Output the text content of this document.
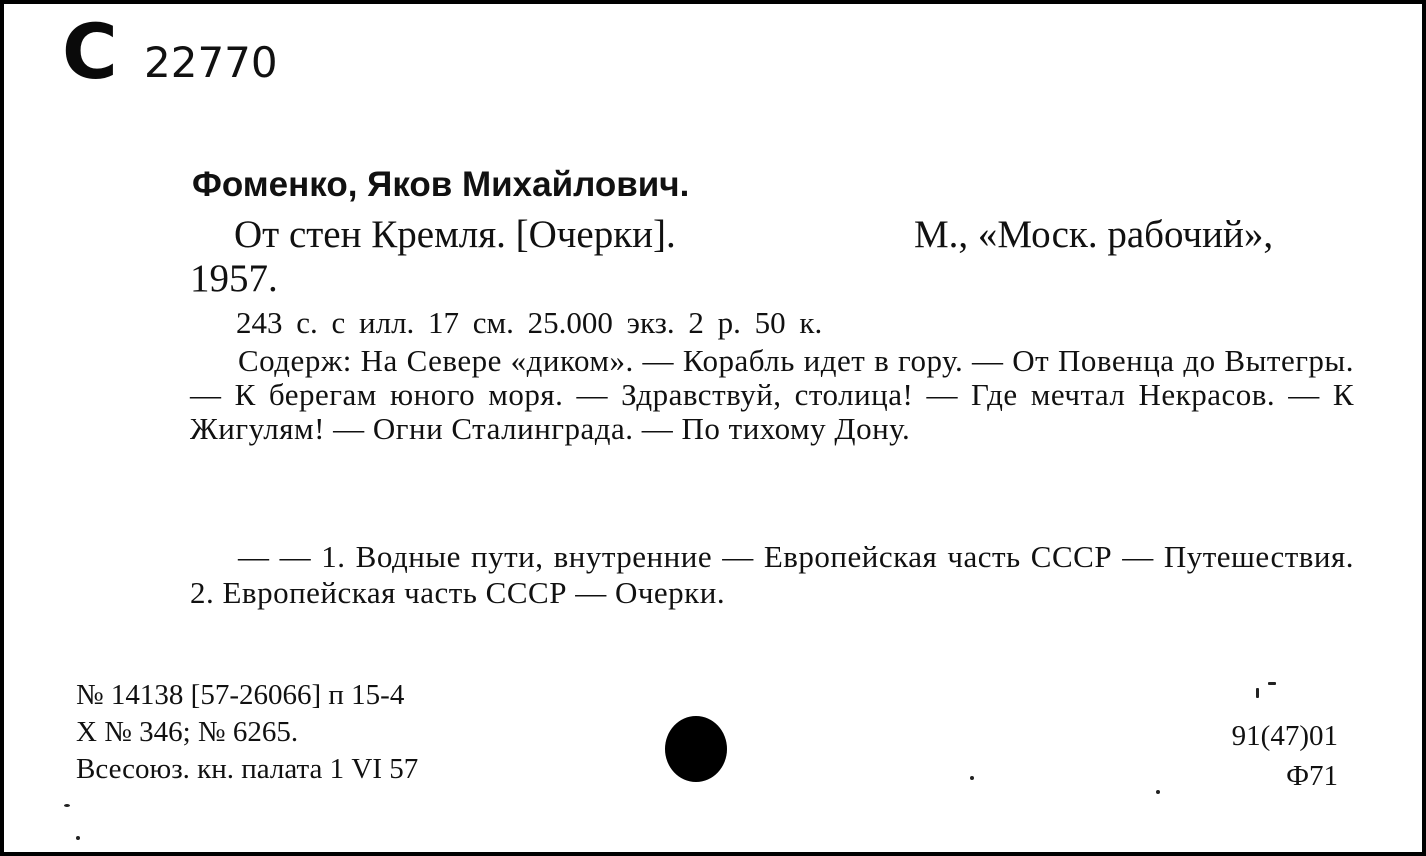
С 22770
Фоменко, Яков Михайлович.
От стен Кремля. [Очерки].	М., «Моск. рабочий»,
1957.
243 с. с илл. 17 см. 25.000 экз. 2 р. 50 к.
Содерж: На Севере «диком». — Корабль идет в гору. — От Повенца до Вытегры. — К берегам юного моря. — Здравствуй, столица! — Где мечтал Некрасов. — К Жигулям! — Огни Сталинграда. — По тихому Дону.
— — 1. Водные пути, внутренние — Европейская часть СССР — Путешествия. 2. Европейская часть СССР — Очерки.
№ 14138 [57-26066] п 15-4
Х № 346; № 6265.
Всесоюз. кн. палата 1 VI 57
91(47)01
Ф71
